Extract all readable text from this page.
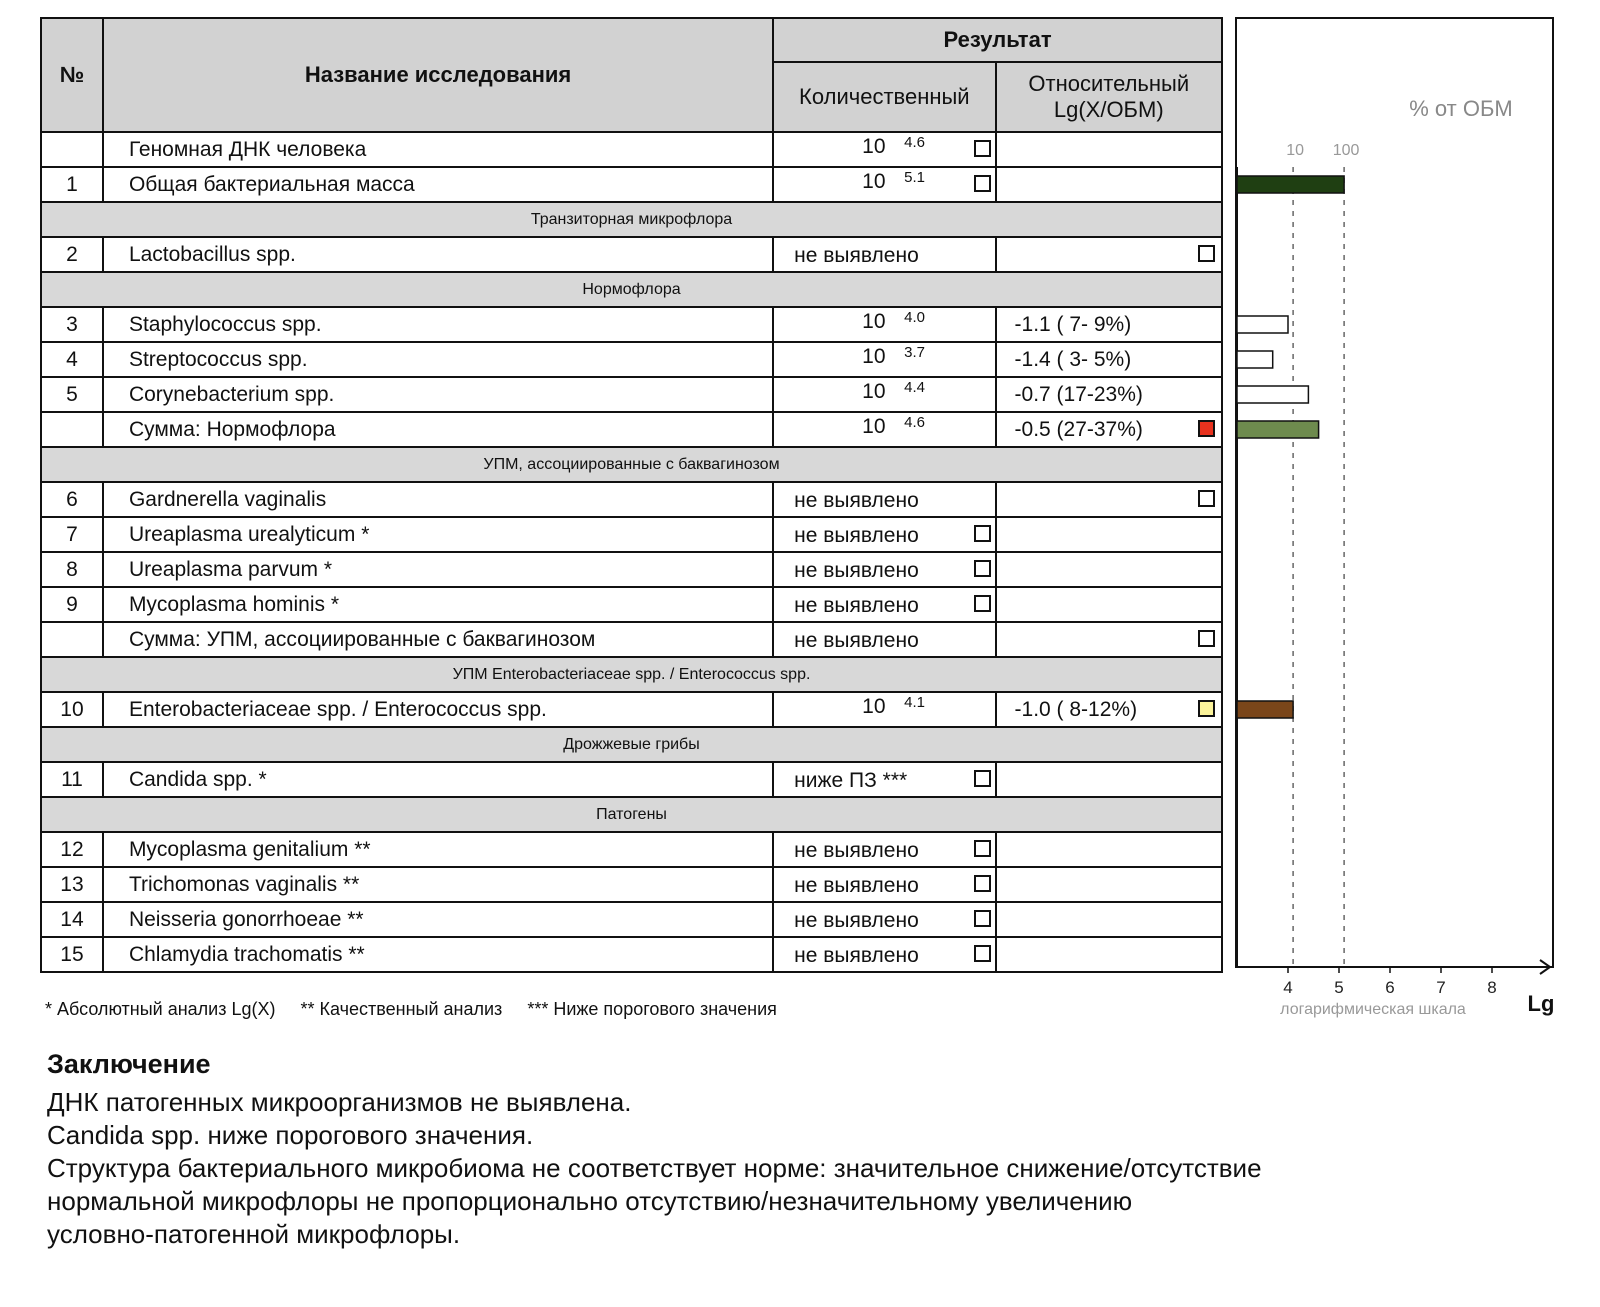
№	Название исследования	Результат	
		Количественный	Относительный
Lg(X/ОБМ)

	Геномная ДНК человека	10 4.6	

1	Общая бактериальная масса	10 5.1	

Транзиторная микрофлора			
2	Lactobacillus spp.	не выявлено	

Нормофлора			
3	Staphylococcus spp.	10 4.0	-1.1 ( 7- 9%)

4	Streptococcus spp.	10 3.7	-1.4 ( 3- 5%)

5	Corynebacterium spp.	10 4.4	-0.7 (17-23%)

	Сумма: Нормофлора	10 4.6	-0.5 (27-37%)

УПМ, ассоциированные с баквагинозом			
6	Gardnerella vaginalis	не выявлено	

7	Ureaplasma urealyticum *	не выявлено	

8	Ureaplasma parvum *	не выявлено	

9	Mycoplasma hominis *	не выявлено	

	Сумма: УПМ, ассоциированные с баквагинозом	не выявлено	

УПМ Enterobacteriaceae spp. / Enterococcus spp.			
10	Enterobacteriaceae spp. / Enterococcus spp.	10 4.1	-1.0 ( 8-12%)

Дрожжевые грибы			
11	Candida spp. *	ниже ПЗ ***	

Патогены			
12	Mycoplasma genitalium **	не выявлено	

13	Trichomonas vaginalis **	не выявлено	

14	Neisseria gonorrhoeae **	не выявлено	

15	Chlamydia trachomatis **	не выявлено	

% от ОБМ
10 100
4 5 6 7 8
логарифмическая шкала	Lg
* Абсолютный анализ Lg(X) ** Качественный анализ *** Ниже порогового значения
Заключение
ДНК патогенных микроорганизмов не выявлена.
Candida spp. ниже порогового значения.
Структура бактериального микробиома не соответствует норме: значительное снижение/отсутствие
нормальной микрофлоры не пропорционально отсутствию/незначительному увеличению
условно-патогенной микрофлоры.
